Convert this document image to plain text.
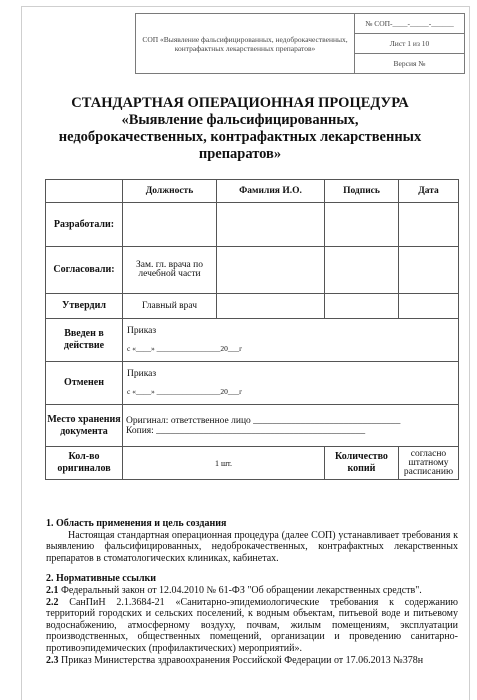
СОП «Выявление фальсифицированных, недоброкачественных, контрафактных лекарственных препаратов»	№ СОП-____-_____-______
Лист 1 из 10
Версия №
СТАНДАРТНАЯ ОПЕРАЦИОННАЯ ПРОЦЕДУРА
«Выявление фальсифицированных,
недоброкачественных, контрафактных лекарственных
препаратов»
	Должность	Фамилия И.О.	Подпись	Дата
Разработали:				
Согласовали:	Зам. гл. врача по лечебной части			
Утвердил	Главный врач			
Введен в действие	Приказ
с «____» _________________20___г			

Отменен	Приказ
с «____» _________________20___г			

Место хранения документа	Оригинал: ответственное лицо _______________________________
Копия: ____________________________________________			

Кол-во оригиналов	1 шт.		Количество копий	согласно штатному расписанию

1. Область применения и цель создания

Настоящая стандартная операционная процедура (далее СОП) устанавливает требования к выявлению фальсифицированных, недоброкачественных, контрафактных лекарственных препаратов в стоматологических клиниках, кабинетах.

2. Нормативные ссылки

2.1 Федеральный закон от 12.04.2010 № 61-ФЗ "Об обращении лекарственных средств".

2.2 СанПиН 2.1.3684-21 «Санитарно-эпидемиологические требования к содержанию территорий городских и сельских поселений, к водным объектам, питьевой воде и питьевому водоснабжению, атмосферному воздуху, почвам, жилым помещениям, эксплуатации производственных, общественных помещений, организации и проведению санитарно-противоэпидемических (профилактических) мероприятий».

2.3 Приказ Министерства здравоохранения Российской Федерации от 17.06.2013 №378н
